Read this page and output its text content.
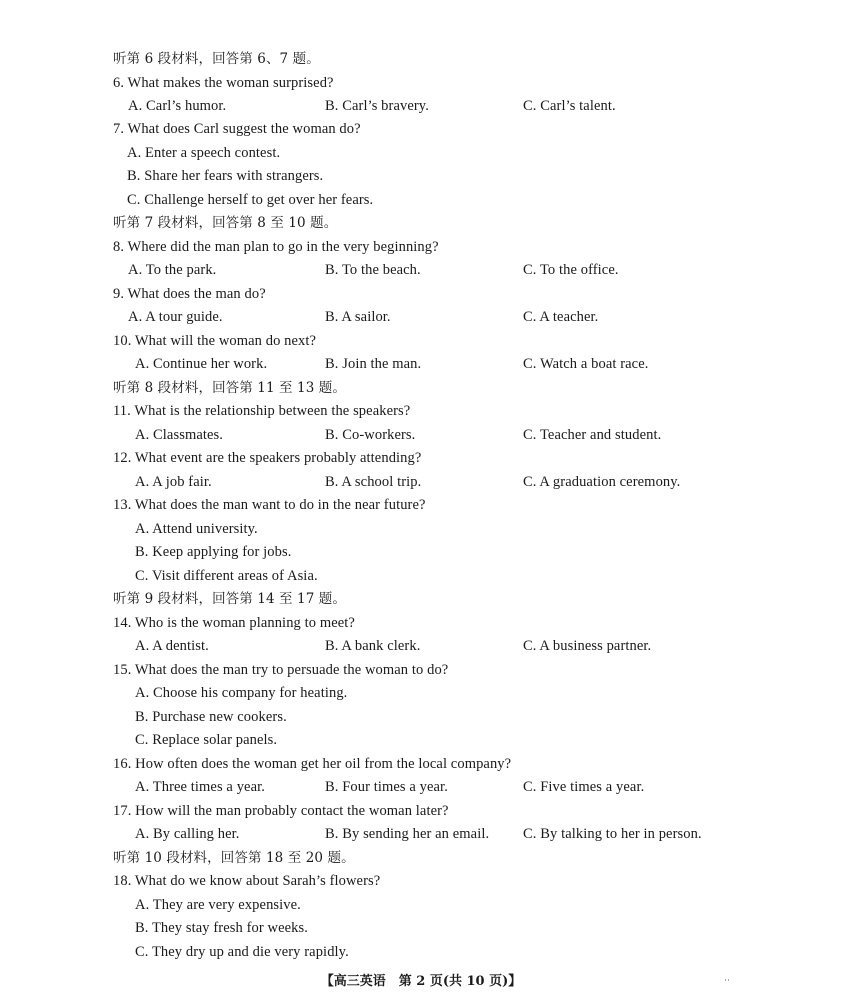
听第 6 段材料，回答第 6、7 题。
6. What makes the woman surprised?
A. Carl’s humor.	B. Carl’s bravery.	C. Carl’s talent.
7. What does Carl suggest the woman do?
A. Enter a speech contest.
B. Share her fears with strangers.
C. Challenge herself to get over her fears.
听第 7 段材料，回答第 8 至 10 题。
8. Where did the man plan to go in the very beginning?
A. To the park.	B. To the beach.	C. To the office.
9. What does the man do?
A. A tour guide.	B. A sailor.	C. A teacher.
10. What will the woman do next?
A. Continue her work.	B. Join the man.	C. Watch a boat race.
听第 8 段材料，回答第 11 至 13 题。
11. What is the relationship between the speakers?
A. Classmates.	B. Co-workers.	C. Teacher and student.
12. What event are the speakers probably attending?
A. A job fair.	B. A school trip.	C. A graduation ceremony.
13. What does the man want to do in the near future?
A. Attend university.
B. Keep applying for jobs.
C. Visit different areas of Asia.
听第 9 段材料，回答第 14 至 17 题。
14. Who is the woman planning to meet?
A. A dentist.	B. A bank clerk.	C. A business partner.
15. What does the man try to persuade the woman to do?
A. Choose his company for heating.
B. Purchase new cookers.
C. Replace solar panels.
16. How often does the woman get her oil from the local company?
A. Three times a year.	B. Four times a year.	C. Five times a year.
17. How will the man probably contact the woman later?
A. By calling her.	B. By sending her an email. C. By talking to her in person.
听第 10 段材料，回答第 18 至 20 题。
18. What do we know about Sarah’s flowers?
A. They are very expensive.
B. They stay fresh for weeks.
C. They dry up and die very rapidly.
【高三英语　第 2 页(共 10 页)】	··
